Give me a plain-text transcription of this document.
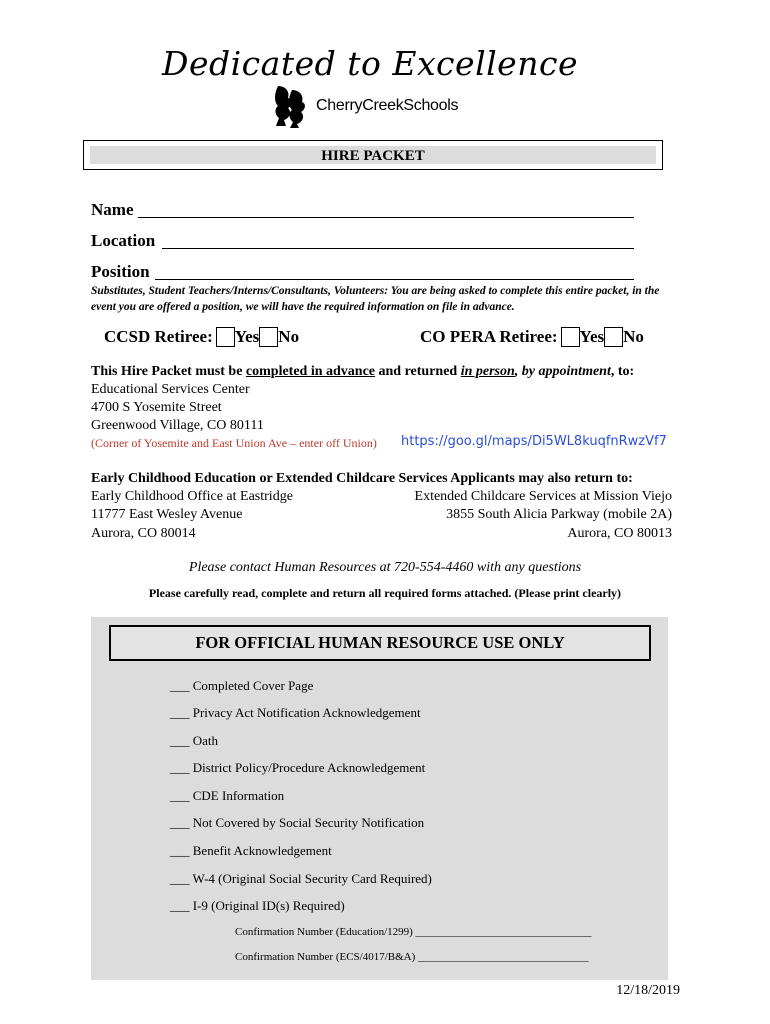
Dedicated to Excellence
CherryCreekSchools
HIRE PACKET
Name
Location
Position
Substitutes, Student Teachers/Interns/Consultants, Volunteers: You are being asked to complete this entire packet, in the event you are offered a position, we will have the required information on file in advance.
CCSD Retiree: Yes No	CO PERA Retiree: Yes No
This Hire Packet must be completed in advance and returned in person, by appointment, to:
Educational Services Center
4700 S Yosemite Street
Greenwood Village, CO 80111
(Corner of Yosemite and East Union Ave – enter off Union) https://goo.gl/maps/Di5WL8kuqfnRwzVf7
Early Childhood Education or Extended Childcare Services Applicants may also return to:
Early Childhood Office at Eastridge
11777 East Wesley Avenue
Aurora, CO 80014
Extended Childcare Services at Mission Viejo
3855 South Alicia Parkway (mobile 2A)
Aurora, CO 80013
Please contact Human Resources at 720-554-4460 with any questions
Please carefully read, complete and return all required forms attached. (Please print clearly)
FOR OFFICIAL HUMAN RESOURCE USE ONLY
___ Completed Cover Page
___ Privacy Act Notification Acknowledgement
___ Oath
___ District Policy/Procedure Acknowledgement
___ CDE Information
___ Not Covered by Social Security Notification
___ Benefit Acknowledgement
___ W-4 (Original Social Security Card Required)
___ I-9 (Original ID(s) Required)
Confirmation Number (Education/1299) ________________________________
Confirmation Number (ECS/4017/B&A) _______________________________
12/18/2019
